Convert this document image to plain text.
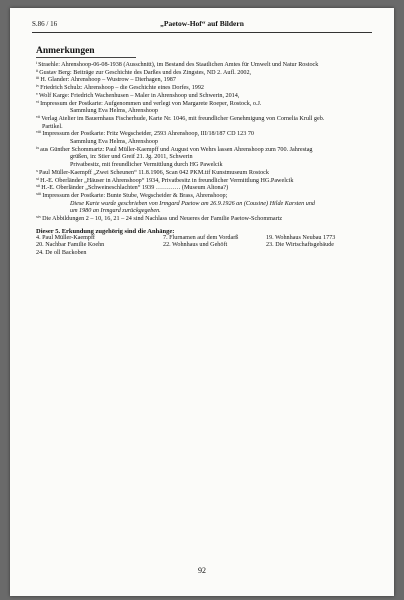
S.86 / 16	„Paetow-Hof“ auf Bildern
Anmerkungen
$^i$Straehle: Ahrenshoop-06-08-1938 (Ausschnitt), im Bestand des Staatlichen Amtes für Umwelt und Natur Rostock
$^{ii}$Gustav Berg: Beiträge zur Geschichte des Darßes und des Zingstes, ND 2. Aufl. 2002,
$^{iii}$H. Glander: Ahrenshoop – Wustrow – Dierhagen, 1987
$^{iv}$Friedrich Schulz: Ahrenshoop – die Geschichte eines Dorfes, 1992
$^v$Wolf Karge: Friedrich Wachenhusen – Maler in Ahrenshoop und Schwerin, 2014,
$^{vi}$Impressum der Postkarte: Aufgenommen und verlegt von Margarete Roeper, Rostock, o.J.
Sammlung Eva Helms, Ahrenshoop
$^{vii}$Verlag Atelier im Bauernhaus Fischerhude, Karte Nr. 1046, mit freundlicher Genehmigung von Cornelia Krull geb.
Partikel.
$^{viii}$Impressum der Postkarte: Fritz Wegscheider, 2593 Ahrenshoop, III/18/187 CD 123 70
Sammlung Eva Helms, Ahrenshoop
$^{ix}$aus Günther Schommartz: Paul Müller-Kaempff und August von Wehrs lassen Ahrenshoop zum 700. Jahrestag
grüßen, in: Stier und Greif 21. Jg. 2011, Schwerin
Privatbesitz, mit freundlicher Vermittlung durch HG Pawelcik
$^x$Paul Müller-Kaempff „Zwei Scheunen“ 11.8.1906, Scan 042 PKM.tif Kunstmuseum Rostock
$^{xi}$H.-E. Oberländer „Häuser in Ahrenshoop“ 1934, Privatbesitz in freundlicher Vermittlung HG.Pawelcik
$^{xii}$H.-E. Oberländer „Schweineschlachten“ 1939 ………… (Museum Altona?)
$^{xiii}$Impressum der Postkarte: Bunte Stube, Wegscheider & Brass, Ahrenshoop;
Diese Karte wurde geschrieben von Irmgard Paetow am 26.9.1926 an (Cousine) Hilde Karsten und
um 1980 an Irmgard zurückgegeben.
$^{xiv}$Die Abbildungen 2 – 10, 16, 21 – 24 sind Nachlass und Neueres der Familie Paetow-Schommartz
Dieser 5. Erkundung zugehörig sind die Anhänge:
4. Paul Müller-Kaempff	7. Flurnamen auf dem Vordarß	19. Wohnhaus Neubau 1773
20. Nachbar Familie Koehn	22. Wohnhaus und Gehöft	23. Die Wirtschaftsgebäude
24. De oll Backoben
92
